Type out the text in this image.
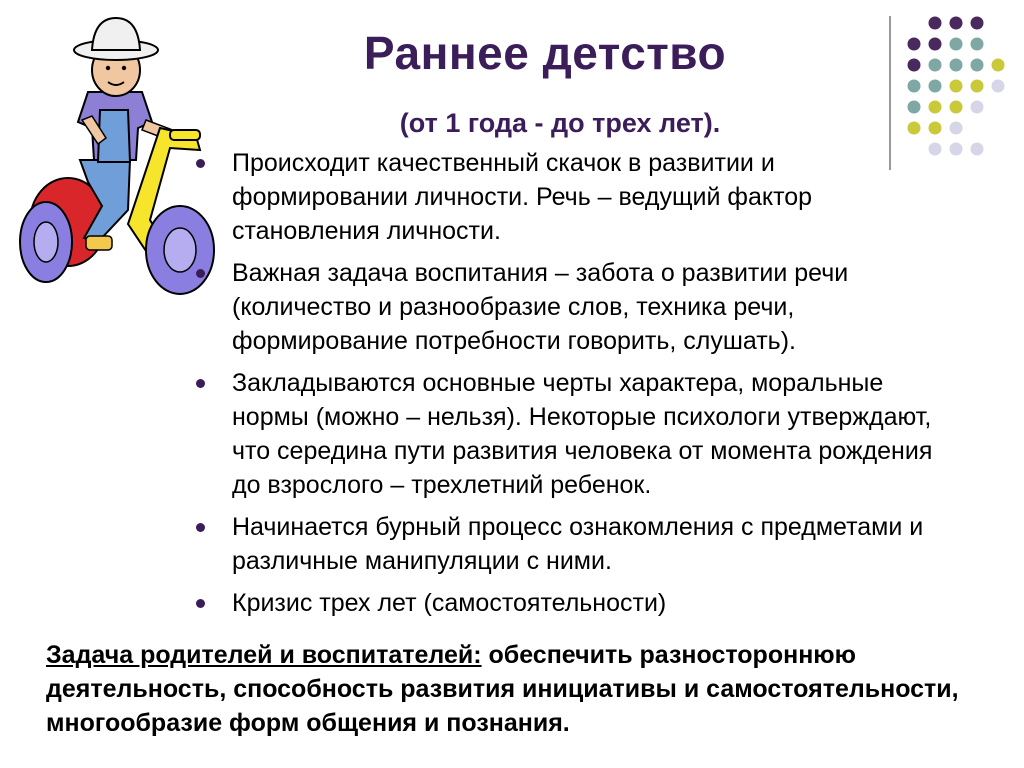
Раннее детство
(от 1 года - до трех лет).
Происходит качественный скачок в развитии и формировании личности. Речь – ведущий фактор становления личности.
Важная задача воспитания – забота о развитии речи (количество и разнообразие слов, техника речи, формирование потребности говорить, слушать).
Закладываются основные черты характера, моральные нормы (можно – нельзя). Некоторые психологи утверждают, что середина пути развития человека от момента рождения до взрослого – трехлетний ребенок.
Начинается бурный процесс ознакомления с предметами и различные манипуляции с ними.
Кризис трех лет (самостоятельности)

Задача родителей и воспитателей: обеспечить разностороннюю деятельность, способность развития инициативы и самостоятельности, многообразие форм общения и познания.
